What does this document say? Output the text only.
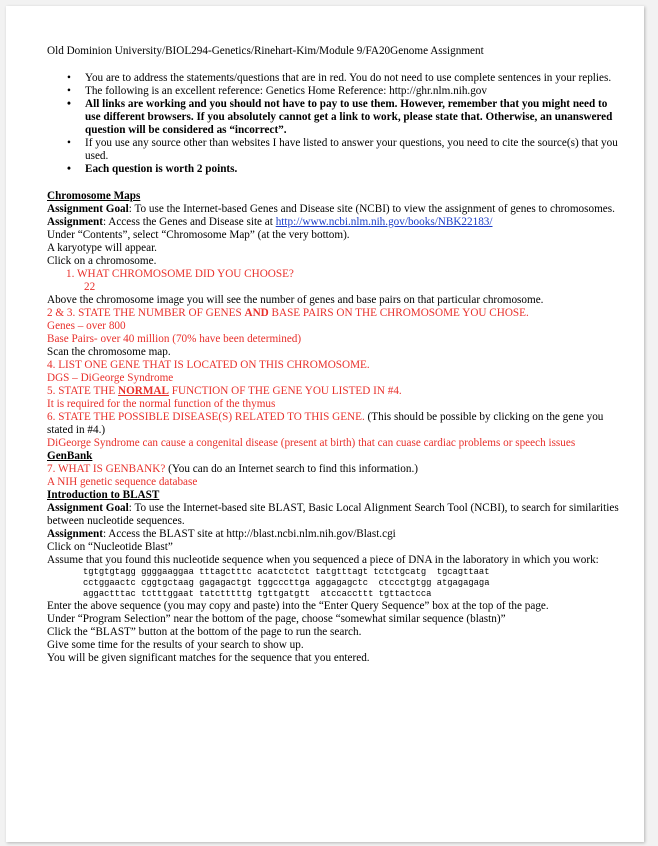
Old Dominion University/BIOL294-Genetics/Rinehart-Kim/Module 9/FA20Genome Assignment

• You are to address the statements/questions that are in red. You do not need to use complete sentences in your replies.
• The following is an excellent reference: Genetics Home Reference: http://ghr.nlm.nih.gov
• All links are working and you should not have to pay to use them. However, remember that you might need to use different browsers. If you absolutely cannot get a link to work, please state that. Otherwise, an unanswered question will be considered as “incorrect”.
• If you use any source other than websites I have listed to answer your questions, you need to cite the source(s) that you used.
• Each question is worth 2 points.

Chromosome Maps

Assignment Goal: To use the Internet-based Genes and Disease site (NCBI) to view the assignment of genes to chromosomes.

Assignment: Access the Genes and Disease site at http://www.ncbi.nlm.nih.gov/books/NBK22183/

Under “Contents”, select “Chromosome Map” (at the very bottom).

A karyotype will appear.

Click on a chromosome.

1. WHAT CHROMOSOME DID YOU CHOOSE?

22

Above the chromosome image you will see the number of genes and base pairs on that particular chromosome.

2 & 3. STATE THE NUMBER OF GENES AND BASE PAIRS ON THE CHROMOSOME YOU CHOSE.

Genes – over 800

Base Pairs- over 40 million (70% have been determined)

Scan the chromosome map.

4. LIST ONE GENE THAT IS LOCATED ON THIS CHROMOSOME.

DGS – DiGeorge Syndrome

5. STATE THE NORMAL FUNCTION OF THE GENE YOU LISTED IN #4.

It is required for the normal function of the thymus

6. STATE THE POSSIBLE DISEASE(S) RELATED TO THIS GENE. (This should be possible by clicking on the gene you stated in #4.)

DiGeorge Syndrome can cause a congenital disease (present at birth) that can cuase cardiac problems or speech issues

GenBank

7. WHAT IS GENBANK? (You can do an Internet search to find this information.)

A NIH genetic sequence database

Introduction to BLAST

Assignment Goal: To use the Internet-based site BLAST, Basic Local Alignment Search Tool (NCBI), to search for similarities between nucleotide sequences.

Assignment: Access the BLAST site at http://blast.ncbi.nlm.nih.gov/Blast.cgi

Click on “Nucleotide Blast”

Assume that you found this nucleotide sequence when you sequenced a piece of DNA in the laboratory in which you work:

tgtgtgtagg ggggaaggaa tttagctttc acatctctct tatgtttagt tctctgcatg  tgcagttaat

cctggaactc cggtgctaag gagagactgt tggcccttga aggagagctc  ctccctgtgg atgagagaga

aggactttac tctttggaat tatctttttg tgttgatgtt  atccaccttt tgttactcca

Enter the above sequence (you may copy and paste) into the “Enter Query Sequence” box at the top of the page.

Under “Program Selection” near the bottom of the page, choose “somewhat similar sequence (blastn)”

Click the “BLAST” button at the bottom of the page to run the search.

Give some time for the results of your search to show up.

You will be given significant matches for the sequence that you entered.
